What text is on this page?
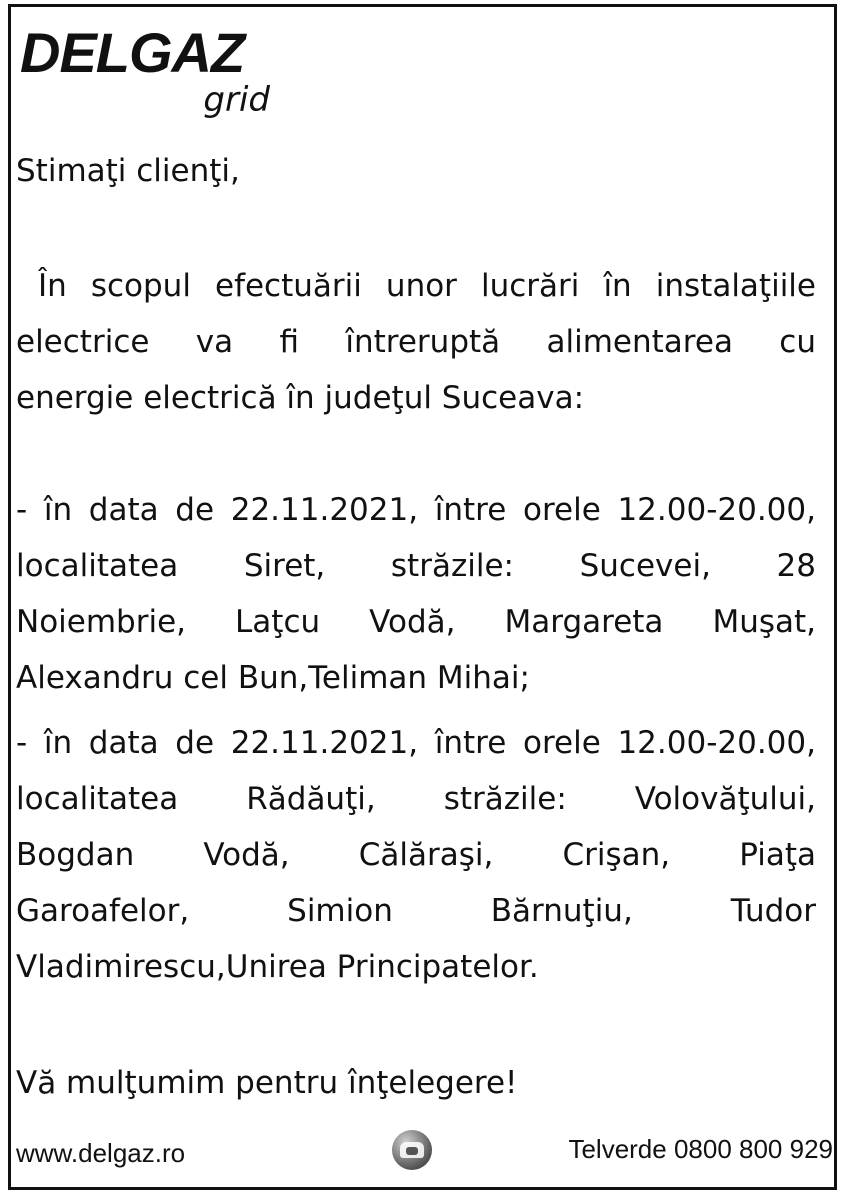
DELGAZ
grid

Stimaţi clienţi,

În scopul efectuării unor lucrări în instalaţiile
electrice va fi întreruptă alimentarea cu
energie electrică în judeţul Suceava:

- în data de 22.11.2021, între orele 12.00-20.00,
localitatea Siret, străzile: Sucevei, 28
Noiembrie, Laţcu Vodă, Margareta Muşat,
Alexandru cel Bun,Teliman Mihai;

- în data de 22.11.2021, între orele 12.00-20.00,
localitatea Rădăuţi, străzile: Volovăţului,
Bogdan Vodă, Călăraşi, Crişan, Piaţa
Garoafelor, Simion Bărnuţiu, Tudor
Vladimirescu,Unirea Principatelor.

Vă mulţumim pentru înţelegere!

www.delgaz.ro	Telverde 0800 800 929
